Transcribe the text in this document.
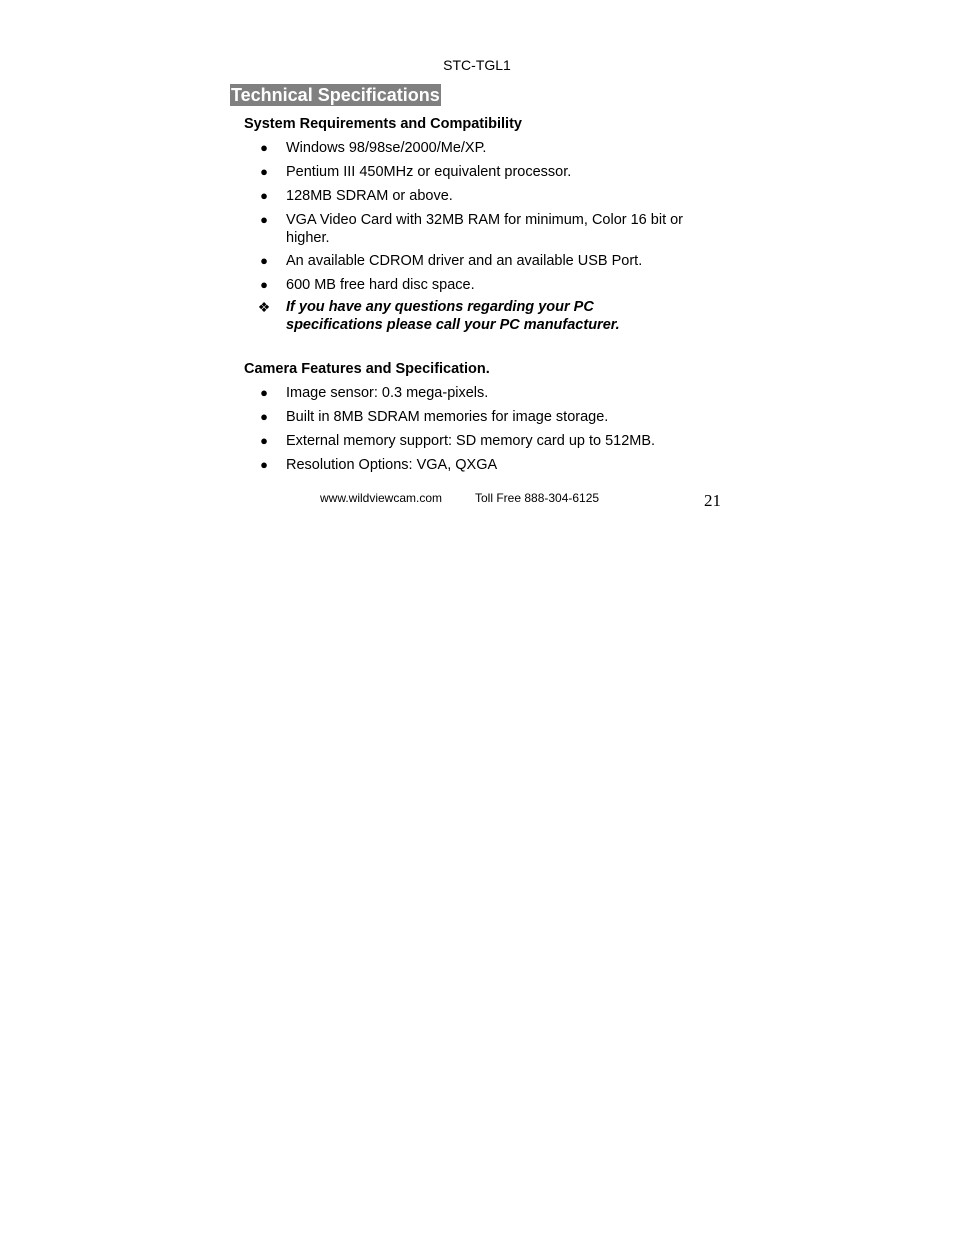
STC-TGL1
Technical Specifications
System Requirements and Compatibility
● Windows 98/98se/2000/Me/XP.
● Pentium III 450MHz or equivalent processor.
● 128MB SDRAM or above.
● VGA Video Card with 32MB RAM for minimum, Color 16 bit or higher.
● An available CDROM driver and an available USB Port.
● 600 MB free hard disc space.
❖ If you have any questions regarding your PC specifications please call your PC manufacturer.
Camera Features and Specification.
● Image sensor: 0.3 mega-pixels.
● Built in 8MB SDRAM memories for image storage.
● External memory support: SD memory card up to 512MB.
● Resolution Options: VGA, QXGA
www.wildviewcam.com	Toll Free 888-304-6125	21
